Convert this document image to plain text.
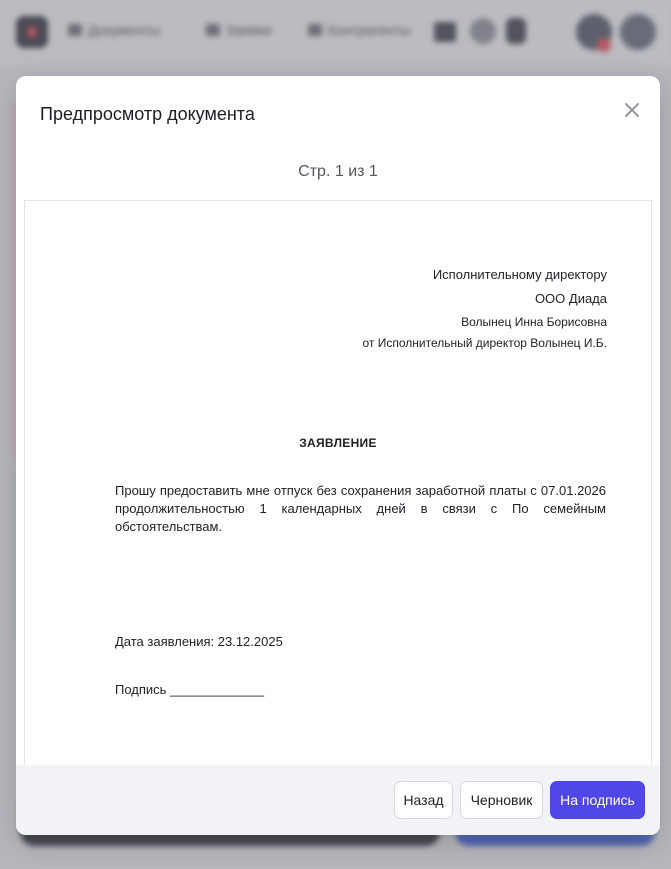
Документы	Заявки	Контрагенты
Предпросмотр документа
Стр. 1 из 1
Исполнительному директору
ООО Диада
Волынец Инна Борисовна
от Исполнительный директор Волынец И.Б.
ЗАЯВЛЕНИЕ
Прошу предоставить мне отпуск без сохранения заработной платы с 07.01.2026 продолжительностью 1 календарных дней в связи с По семейным обстоятельствам.
Дата заявления: 23.12.2025
Подпись _____________
Назад	Черновик	На подпись
